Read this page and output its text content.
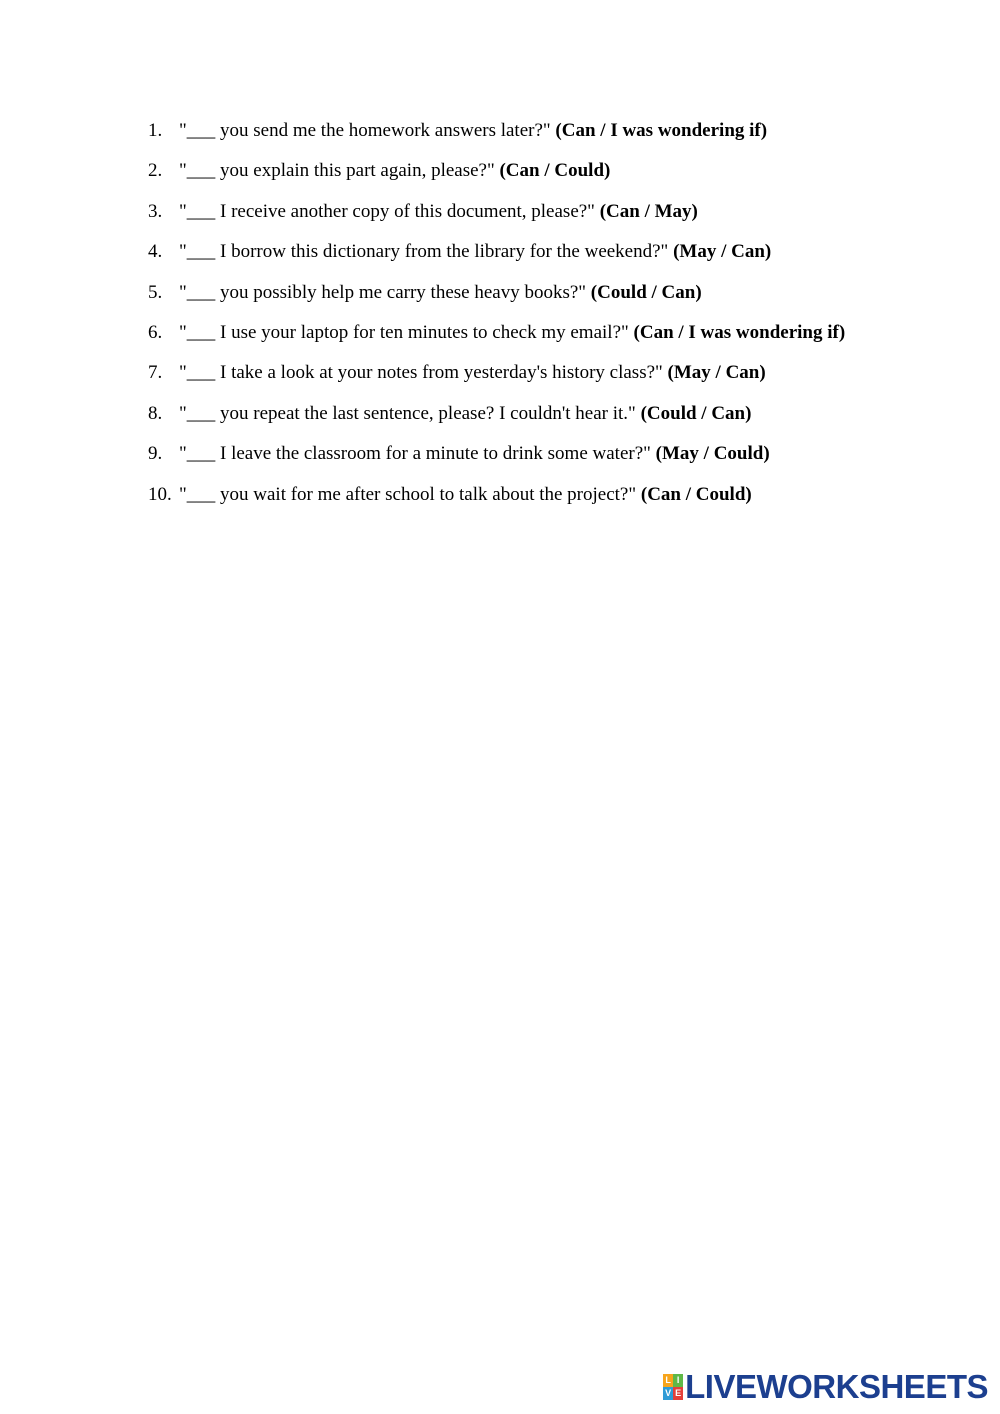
1. "___ you send me the homework answers later?" (Can / I was wondering if)
2. "___ you explain this part again, please?" (Can / Could)
3. "___ I receive another copy of this document, please?" (Can / May)
4. "___ I borrow this dictionary from the library for the weekend?" (May / Can)
5. "___ you possibly help me carry these heavy books?" (Could / Can)
6. "___ I use your laptop for ten minutes to check my email?" (Can / I was wondering if)
7. "___ I take a look at your notes from yesterday's history class?" (May / Can)
8. "___ you repeat the last sentence, please? I couldn't hear it." (Could / Can)
9. "___ I leave the classroom for a minute to drink some water?" (May / Could)
10. "___ you wait for me after school to talk about the project?" (Can / Could)
L I
V E LIVEWORKSHEETS
